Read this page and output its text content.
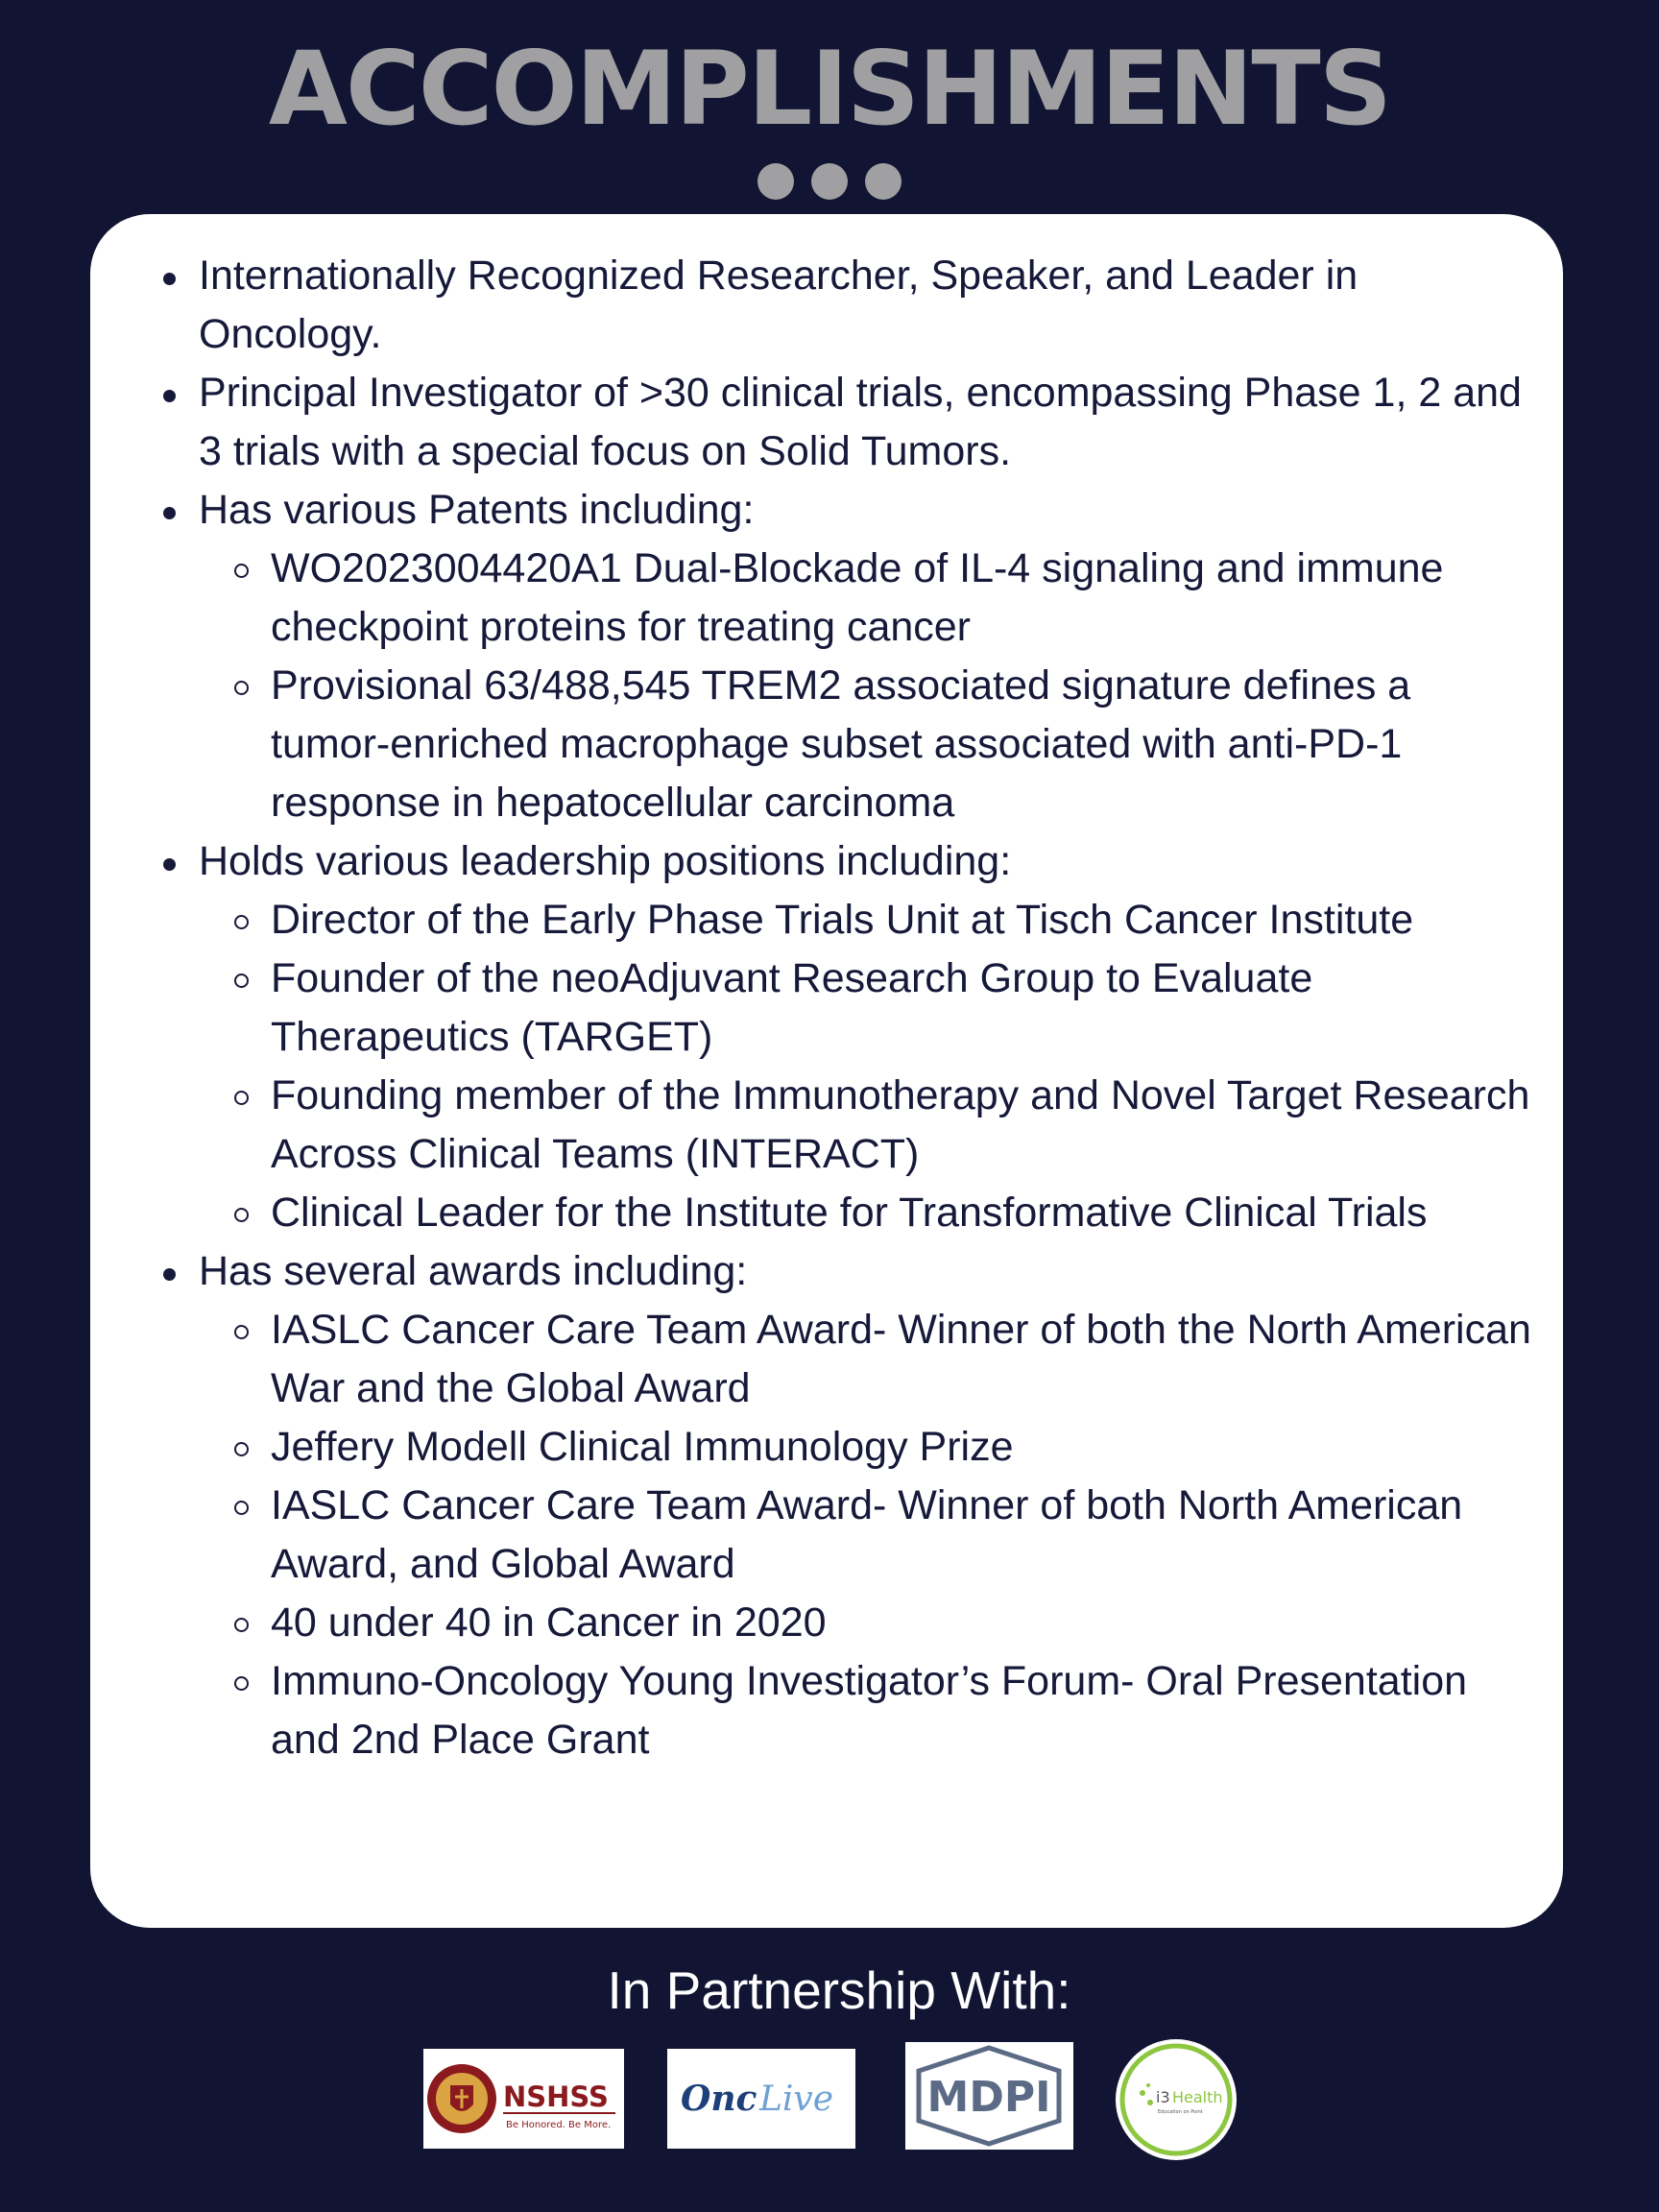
ACCOMPLISHMENTS
Internationally Recognized Researcher, Speaker, and Leader in Oncology.
Principal Investigator of >30 clinical trials, encompassing Phase 1, 2 and 3 trials with a special focus on Solid Tumors.
Has various Patents including:
WO2023004420A1 Dual-Blockade of IL-4 signaling and immune checkpoint proteins for treating cancer
Provisional 63/488,545 TREM2 associated signature defines a tumor-enriched macrophage subset associated with anti-PD-1 response in hepatocellular carcinoma
Holds various leadership positions including:
Director of the Early Phase Trials Unit at Tisch Cancer Institute
Founder of the neoAdjuvant Research Group to Evaluate Therapeutics (TARGET)
Founding member of the Immunotherapy and Novel Target Research Across Clinical Teams (INTERACT)
Clinical Leader for the Institute for Transformative Clinical Trials
Has several awards including:
IASLC Cancer Care Team Award- Winner of both the North American War and the Global Award
Jeffery Modell Clinical Immunology Prize
IASLC Cancer Care Team Award- Winner of both North American Award, and Global Award
40 under 40 in Cancer in 2020
Immuno-Oncology Young Investigator’s Forum- Oral Presentation and 2nd Place Grant
In Partnership With:
NSHSS
Be Honored. Be More.
Onc Live MDPI	i3 Health
Education on Point
